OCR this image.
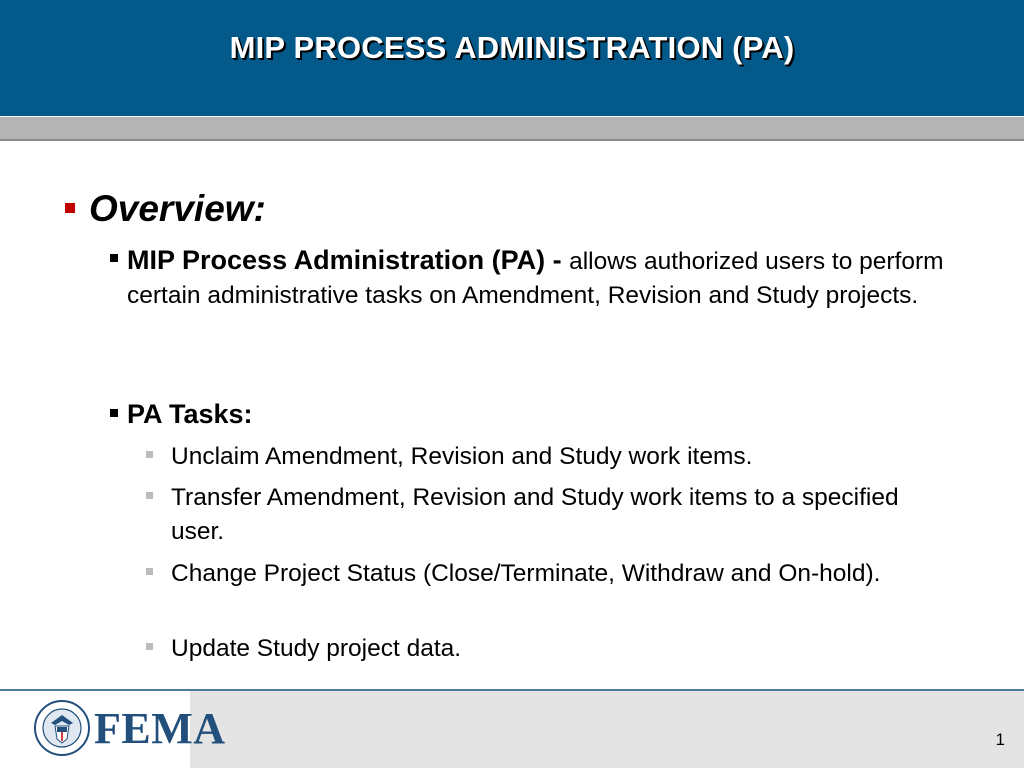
MIP PROCESS ADMINISTRATION (PA)
Overview:
MIP Process Administration (PA) - allows authorized users to perform certain administrative tasks on Amendment, Revision and Study projects.
PA Tasks:
Unclaim Amendment, Revision and Study work items.
Transfer Amendment, Revision and Study work items to a specified user.
Change Project Status (Close/Terminate, Withdraw and On-hold).
Update Study project data.
FEMA	1
